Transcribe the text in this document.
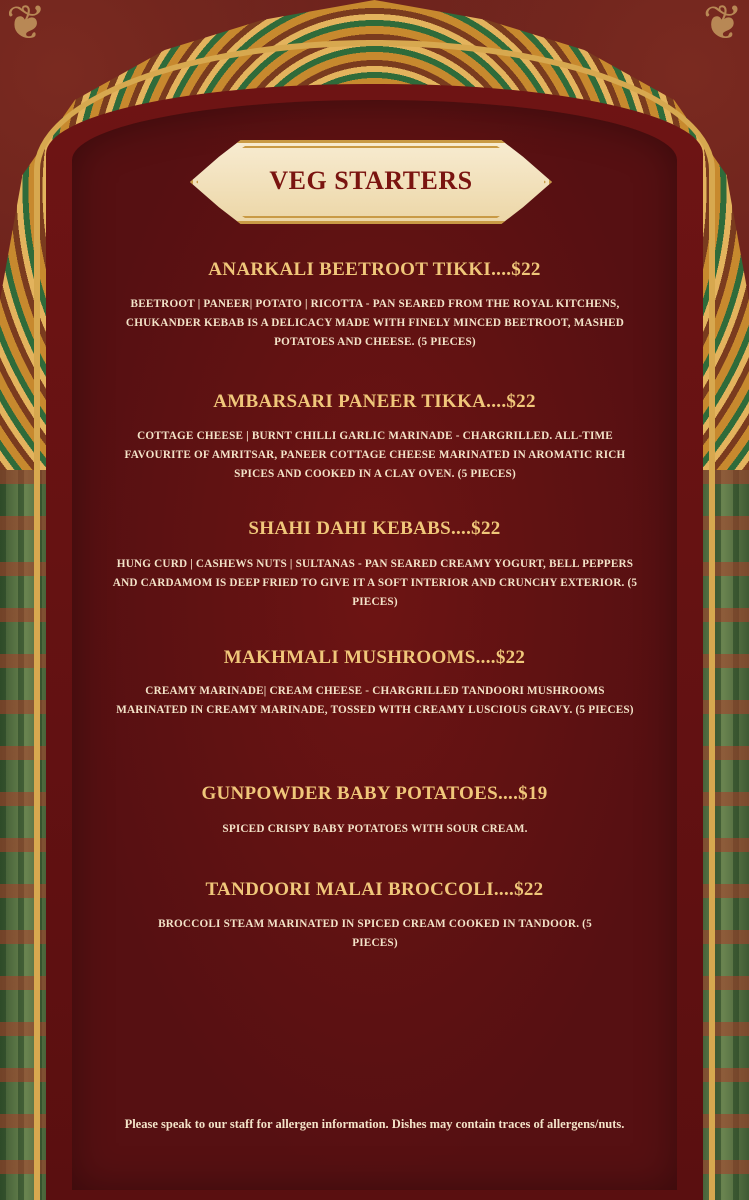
❦	❦
VEG STARTERS
ANARKALI BEETROOT TIKKI....$22
BEETROOT | PANEER| POTATO | RICOTTA - PAN SEARED FROM THE ROYAL KITCHENS, CHUKANDER KEBAB IS A DELICACY MADE WITH FINELY MINCED BEETROOT, MASHED POTATOES AND CHEESE. (5 PIECES)
AMBARSARI PANEER TIKKA....$22
COTTAGE CHEESE | BURNT CHILLI GARLIC MARINADE - CHARGRILLED. ALL-TIME FAVOURITE OF AMRITSAR, PANEER COTTAGE CHEESE MARINATED IN AROMATIC RICH SPICES AND COOKED IN A CLAY OVEN. (5 PIECES)
SHAHI DAHI KEBABS....$22
HUNG CURD | CASHEWS NUTS | SULTANAS - PAN SEARED CREAMY YOGURT, BELL PEPPERS AND CARDAMOM IS DEEP FRIED TO GIVE IT A SOFT INTERIOR AND CRUNCHY EXTERIOR. (5 PIECES)
MAKHMALI MUSHROOMS....$22
CREAMY MARINADE| CREAM CHEESE - CHARGRILLED TANDOORI MUSHROOMS MARINATED IN CREAMY MARINADE, TOSSED WITH CREAMY LUSCIOUS GRAVY. (5 PIECES)
GUNPOWDER BABY POTATOES....$19
SPICED CRISPY BABY POTATOES WITH SOUR CREAM.
TANDOORI MALAI BROCCOLI....$22
BROCCOLI STEAM MARINATED IN SPICED CREAM COOKED IN TANDOOR. (5 PIECES)
Please speak to our staff for allergen information. Dishes may contain traces of allergens/nuts.
